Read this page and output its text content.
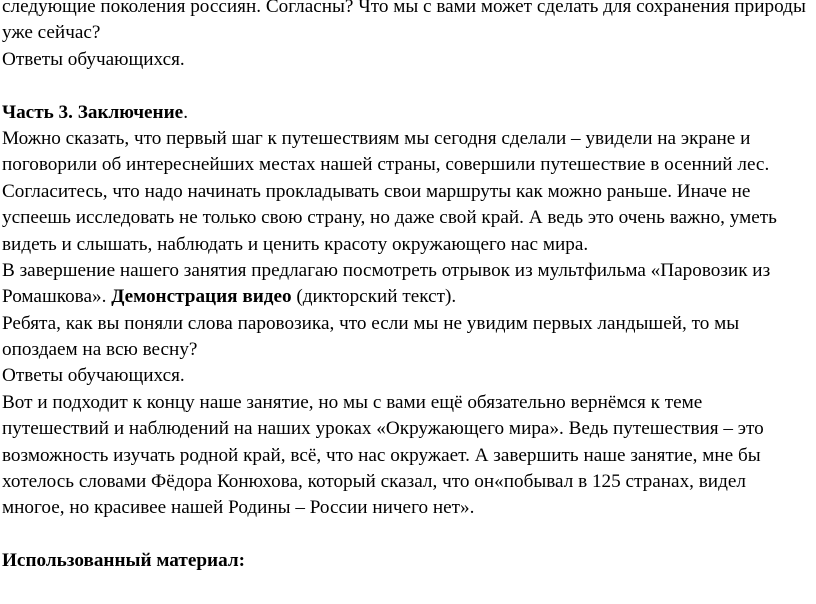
следующие поколения россиян. Согласны? Что мы с вами может сделать для сохранения природы
уже сейчас?
Ответы обучающихся.
Часть 3. Заключение.
Можно сказать, что первый шаг к путешествиям мы сегодня сделали – увидели на экране и
поговорили об интереснейших местах нашей страны, совершили путешествие в осенний лес.
Согласитесь, что надо начинать прокладывать свои маршруты как можно раньше. Иначе не
успеешь исследовать не только свою страну, но даже свой край. А ведь это очень важно, уметь
видеть и слышать, наблюдать и ценить красоту окружающего нас мира.
В завершение нашего занятия предлагаю посмотреть отрывок из мультфильма «Паровозик из
Ромашкова». Демонстрация видео (дикторский текст).
Ребята, как вы поняли слова паровозика, что если мы не увидим первых ландышей, то мы
опоздаем на всю весну?
Ответы обучающихся.
Вот и подходит к концу наше занятие, но мы с вами ещё обязательно вернёмся к теме
путешествий и наблюдений на наших уроках «Окружающего мира». Ведь путешествия – это
возможность изучать родной край, всё, что нас окружает. А завершить наше занятие, мне бы
хотелось словами Фёдора Конюхова, который сказал, что он«побывал в 125 странах, видел
многое, но красивее нашей Родины – России ничего нет».
Использованный материал:
